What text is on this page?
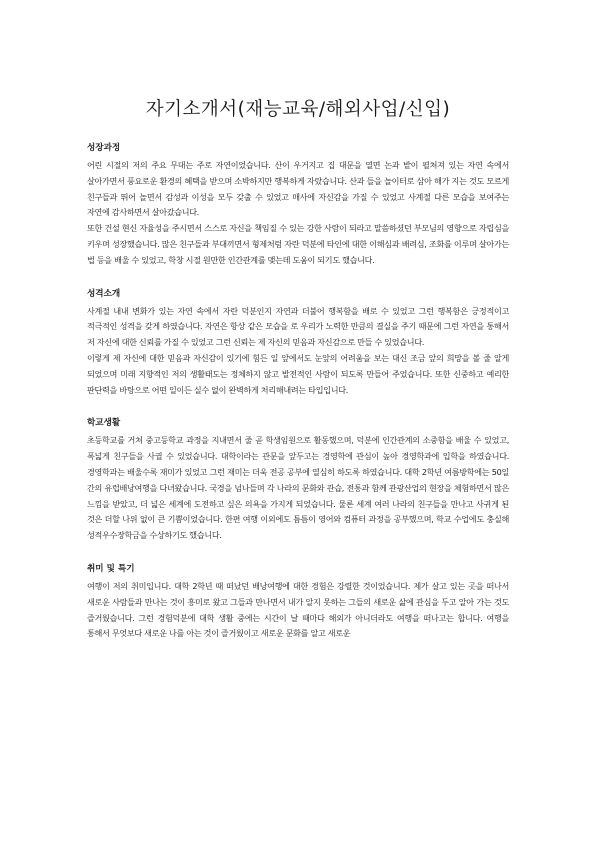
자기소개서(재능교육/해외사업/신입)
성장과정

어린 시절의 저의 주요 무대는 주로 자연이었습니다. 산이 우거지고 집 대문을 열면 논과 밭이 펼쳐져 있는 자연 속에서 살아가면서 풍요로운 환경의 혜택을 받으며 소박하지만 행복하게 자랐습니다. 산과 들을 놀이터로 삼아 해가 지는 것도 모르게 친구들과 뛰어 놀면서 감성과 이성을 모두 갖출 수 있었고 매사에 자신감을 가질 수 있었고 사계절 다른 모습을 보여주는 자연에 감사하면서 살아갔습니다.

또한 건설 현신 자율성을 주시면서 스스로 자신을 책임질 수 있는 강한 사람이 되라고 말씀하셨던 부모님의 영향으로 자립심을 키우며 성장했습니다. 많은 친구들과 부대끼면서 형제처럼 자란 덕분에 타인에 대한 이해심과 배려심, 조화를 이루며 살아가는 법 등을 배울 수 있었고, 학창 시절 원만한 인간관계를 맺는데 도움이 되기도 했습니다.

성격소개

사계절 내내 변화가 있는 자연 속에서 자란 덕분인지 자연과 더불어 행복함을 배로 수 있었고 그런 행복함은 긍정적이고 적극적인 성격을 갖게 하였습니다. 자연은 항상 같은 모습을 로 우리가 노력한 만큼의 결실을 주기 때문에 그런 자연을 통해서 저 자신에 대한 신뢰를 가질 수 있었고 그런 신뢰는 제 자신의 믿음과 자신감으로 만들 수 있었습니다.

이렇게 제 자신에 대한 믿음과 자신감이 있기에 힘든 일 앞에서도 눈앞의 어려움을 보는 대신 조금 앞의 희망을 볼 줄 알게 되었으며 미래 지향적인 저의 생활태도는 정체하지 않고 발전적인 사람이 되도록 만들어 주었습니다. 또한 신중하고 예리한 판단력을 바탕으로 어떤 일이든 실수 없이 완벽하게 처리해내려는 타입입니다.

학교생활

초등학교를 거쳐 중고등학교 과정을 지내면서 줄 곧 학생임원으로 활동했으며, 덕분에 인간관계의 소중함을 배울 수 있었고, 폭넓게 친구들을 사귈 수 있었습니다. 대학이라는 관문을 앞두고는 경영학에 관심이 높아 경영학과에 입학을 하였습니다. 경영학과는 배울수록 재미가 있었고 그런 재미는 더욱 전공 공부에 열심히 하도록 하였습니다. 대학 2학년 여름방학에는 50일 간의 유럽배낭여행을 다녀왔습니다. 국경을 넘나들며 각 나라의 문화와 관습, 전통과 함께 관광산업의 현장을 체험하면서 많은 느낌을 받았고, 더 넓은 세계에 도전하고 싶은 의욕을 가지게 되었습니다. 물론 세계 여러 나라의 친구들을 만나고 사귀게 된 것은 더할 나위 없이 큰 기쁨이었습니다. 한편 여행 이외에도 틈틈이 영어와 컴퓨터 과정을 공부했으며, 학교 수업에도 충실해 성적우수장학금을 수상하기도 했습니다.

취미 및 특기

여행이 저의 취미입니다. 대학 2학년 때 떠났던 배낭여행에 대한 경험은 강렬한 것이었습니다. 제가 살고 있는 곳을 떠나서 새로운 사람들과 만나는 것이 흥미로 왔고 그들과 만나면서 내가 알지 못하는 그들의 새로운 삶에 관심을 두고 알아 가는 것도 즐거웠습니다. 그런 경험덕분에 대학 생활 중에는 시간이 날 때마다 해외가 아니더라도 여행을 떠나고는 합니다. 여행을 통해서 무엇보다 새로운 나를 아는 것이 즐거웠이고 새로운 문화를 알고 새로운
